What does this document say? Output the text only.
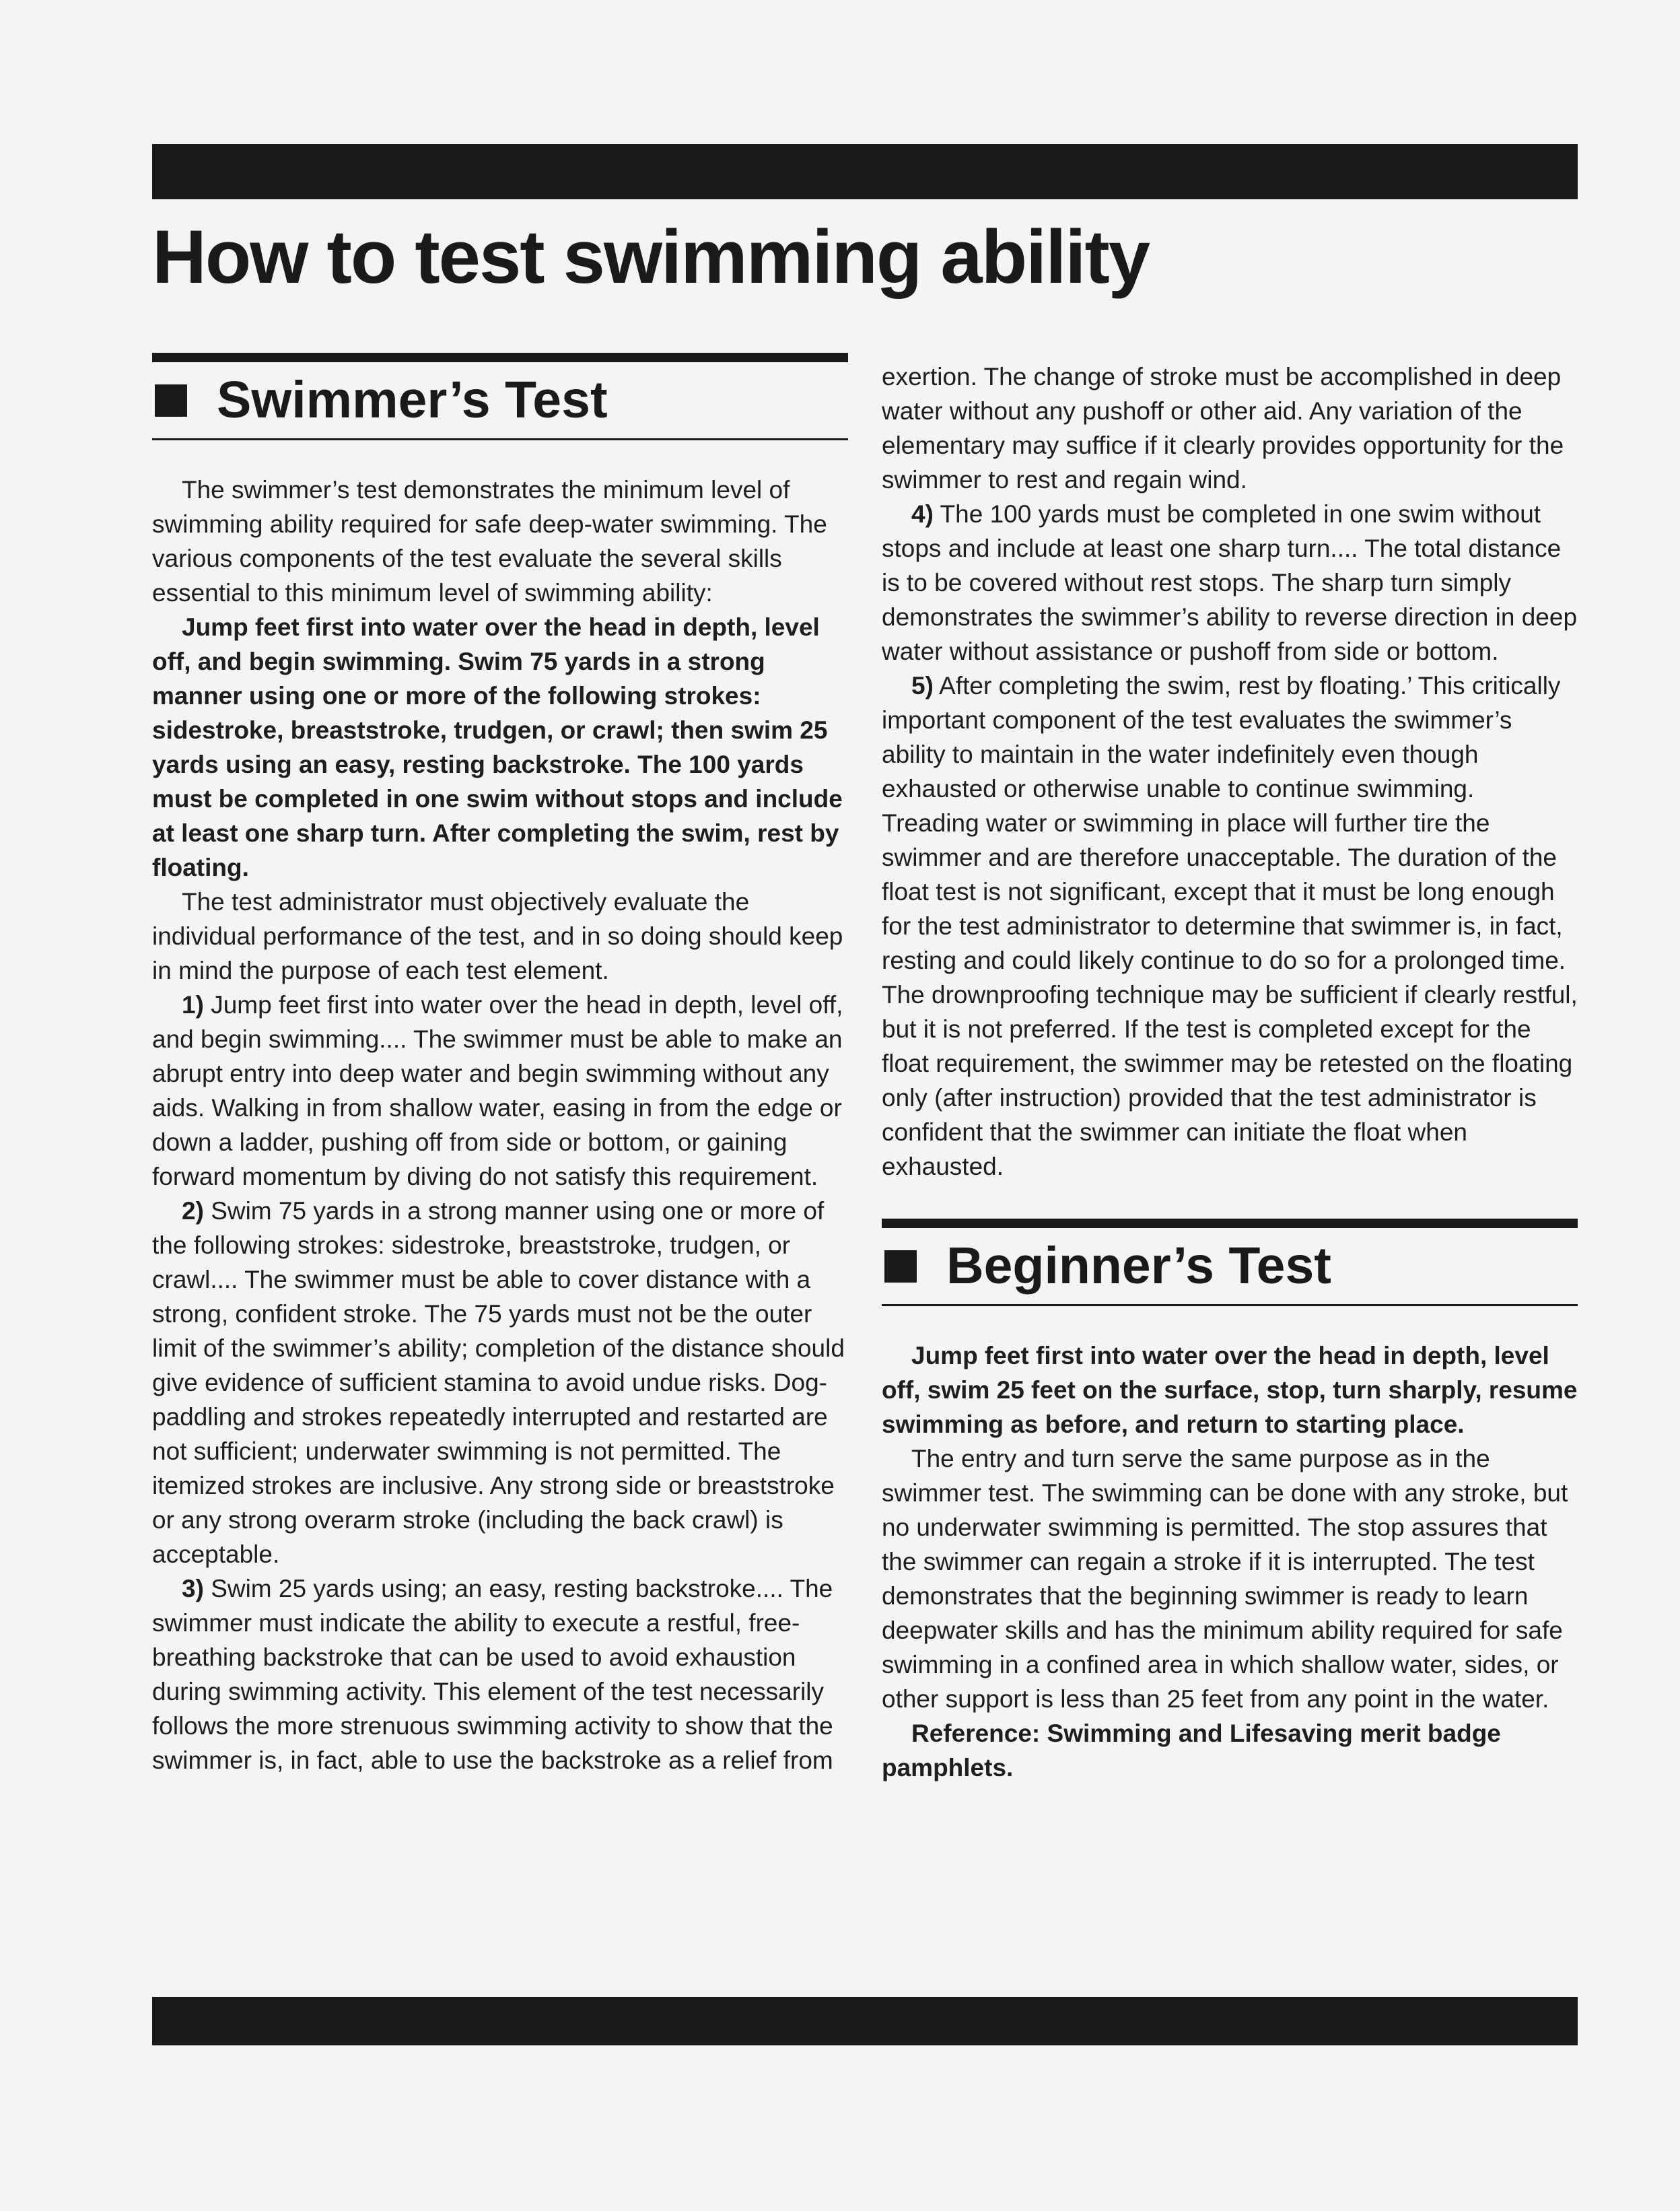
How to test swimming ability
Swimmer’s Test

The swimmer’s test demonstrates the minimum level of swimming ability required for safe deep-water swimming. The various components of the test evaluate the several skills essential to this minimum level of swimming ability:

Jump feet first into water over the head in depth, level off, and begin swimming. Swim 75 yards in a strong manner using one or more of the following strokes: sidestroke, breaststroke, trudgen, or crawl; then swim 25 yards using an easy, resting backstroke. The 100 yards must be completed in one swim without stops and include at least one sharp turn. After completing the swim, rest by floating.

The test administrator must objectively evaluate the individual performance of the test, and in so doing should keep in mind the purpose of each test element.

1) Jump feet first into water over the head in depth, level off, and begin swimming.... The swimmer must be able to make an abrupt entry into deep water and begin swimming without any aids. Walking in from shallow water, easing in from the edge or down a ladder, pushing off from side or bottom, or gaining forward momentum by diving do not satisfy this requirement.

2) Swim 75 yards in a strong manner using one or more of the following strokes: sidestroke, breaststroke, trudgen, or crawl.... The swimmer must be able to cover distance with a strong, confident stroke. The 75 yards must not be the outer limit of the swimmer’s ability; completion of the distance should give evidence of sufficient stamina to avoid undue risks. Dog-paddling and strokes repeatedly interrupted and restarted are not sufficient; underwater swimming is not permitted. The itemized strokes are inclusive. Any strong side or breaststroke or any strong overarm stroke (including the back crawl) is acceptable.

3) Swim 25 yards using; an easy, resting backstroke.... The swimmer must indicate the ability to execute a restful, free-breathing backstroke that can be used to avoid exhaustion during swimming activity. This element of the test necessarily follows the more strenuous swimming activity to show that the swimmer is, in fact, able to use the backstroke as a relief from

exertion. The change of stroke must be accomplished in deep water without any pushoff or other aid. Any variation of the elementary may suffice if it clearly provides opportunity for the swimmer to rest and regain wind.

4) The 100 yards must be completed in one swim without stops and include at least one sharp turn.... The total distance is to be covered without rest stops. The sharp turn simply demonstrates the swimmer’s ability to reverse direction in deep water without assistance or pushoff from side or bottom.

5) After completing the swim, rest by floating.’ This critically important component of the test evaluates the swimmer’s ability to maintain in the water indefinitely even though exhausted or otherwise unable to continue swimming. Treading water or swimming in place will further tire the swimmer and are therefore unacceptable. The duration of the float test is not significant, except that it must be long enough for the test administrator to determine that swimmer is, in fact, resting and could likely continue to do so for a prolonged time. The drownproofing technique may be sufficient if clearly restful, but it is not preferred. If the test is completed except for the float requirement, the swimmer may be retested on the floating only (after instruction) provided that the test administrator is confident that the swimmer can initiate the float when exhausted.

Beginner’s Test

Jump feet first into water over the head in depth, level off, swim 25 feet on the surface, stop, turn sharply, resume swimming as before, and return to starting place.

The entry and turn serve the same purpose as in the swimmer test. The swimming can be done with any stroke, but no underwater swimming is permitted. The stop assures that the swimmer can regain a stroke if it is interrupted. The test demonstrates that the beginning swimmer is ready to learn deepwater skills and has the minimum ability required for safe swimming in a confined area in which shallow water, sides, or other support is less than 25 feet from any point in the water.

Reference: Swimming and Lifesaving merit badge pamphlets.
